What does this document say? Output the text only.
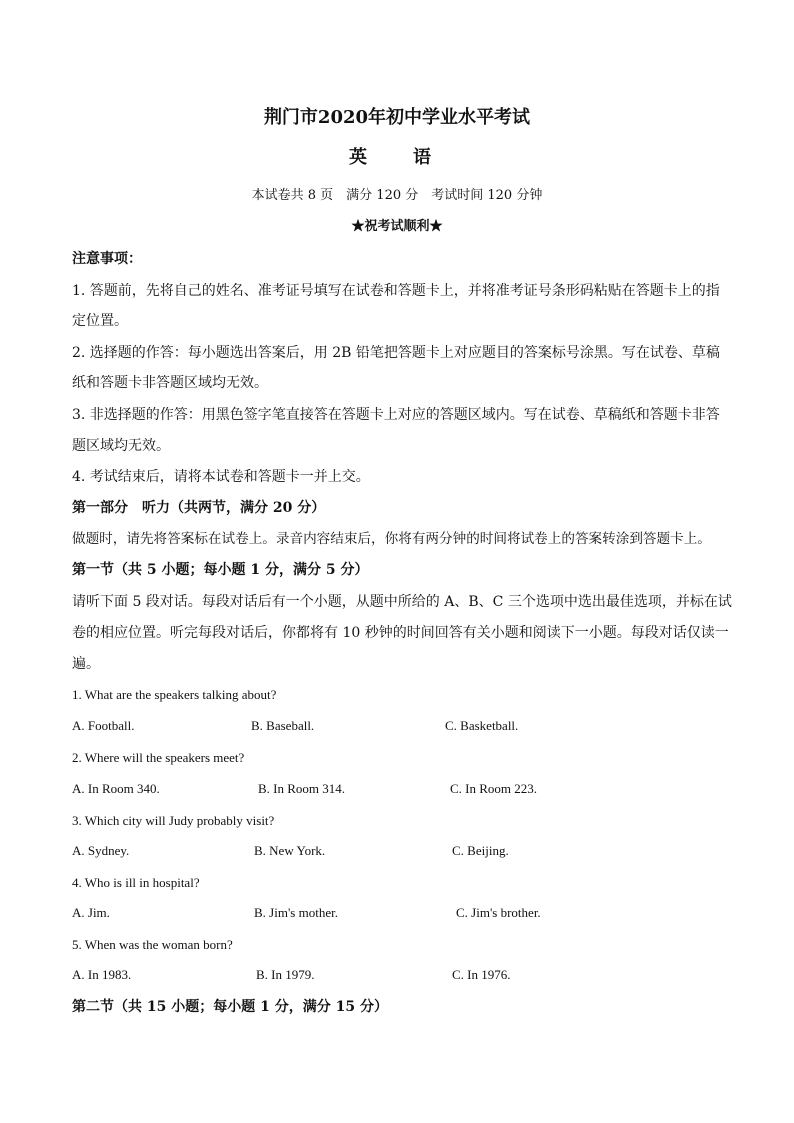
荆门市2020年初中学业水平考试
英　语
本试卷共 8 页　满分 120 分　考试时间 120 分钟
★祝考试顺利★
注意事项：
1. 答题前，先将自己的姓名、准考证号填写在试卷和答题卡上，并将准考证号条形码粘贴在答题卡上的指
定位置。
2. 选择题的作答：每小题选出答案后，用 2B 铅笔把答题卡上对应题目的答案标号涂黑。写在试卷、草稿
纸和答题卡非答题区域均无效。
3. 非选择题的作答：用黑色签字笔直接答在答题卡上对应的答题区域内。写在试卷、草稿纸和答题卡非答
题区域均无效。
4. 考试结束后，请将本试卷和答题卡一并上交。
第一部分　听力（共两节，满分 20 分）
做题时，请先将答案标在试卷上。录音内容结束后，你将有两分钟的时间将试卷上的答案转涂到答题卡上。
第一节（共 5 小题；每小题 1 分，满分 5 分）
请听下面 5 段对话。每段对话后有一个小题，从题中所给的 A、B、C 三个选项中选出最佳选项，并标在试
卷的相应位置。听完每段对话后，你都将有 10 秒钟的时间回答有关小题和阅读下一小题。每段对话仅读一
遍。
1. What are the speakers talking about?
A. Football.	B. Baseball.	C. Basketball.
2. Where will the speakers meet?
A. In Room 340.	B. In Room 314.	C. In Room 223.
3. Which city will Judy probably visit?
A. Sydney.	B. New York.	C. Beijing.
4. Who is ill in hospital?
A. Jim.	B. Jim's mother.	C. Jim's brother.
5. When was the woman born?
A. In 1983.	B. In 1979.	C. In 1976.
第二节（共 15 小题；每小题 1 分，满分 15 分）
